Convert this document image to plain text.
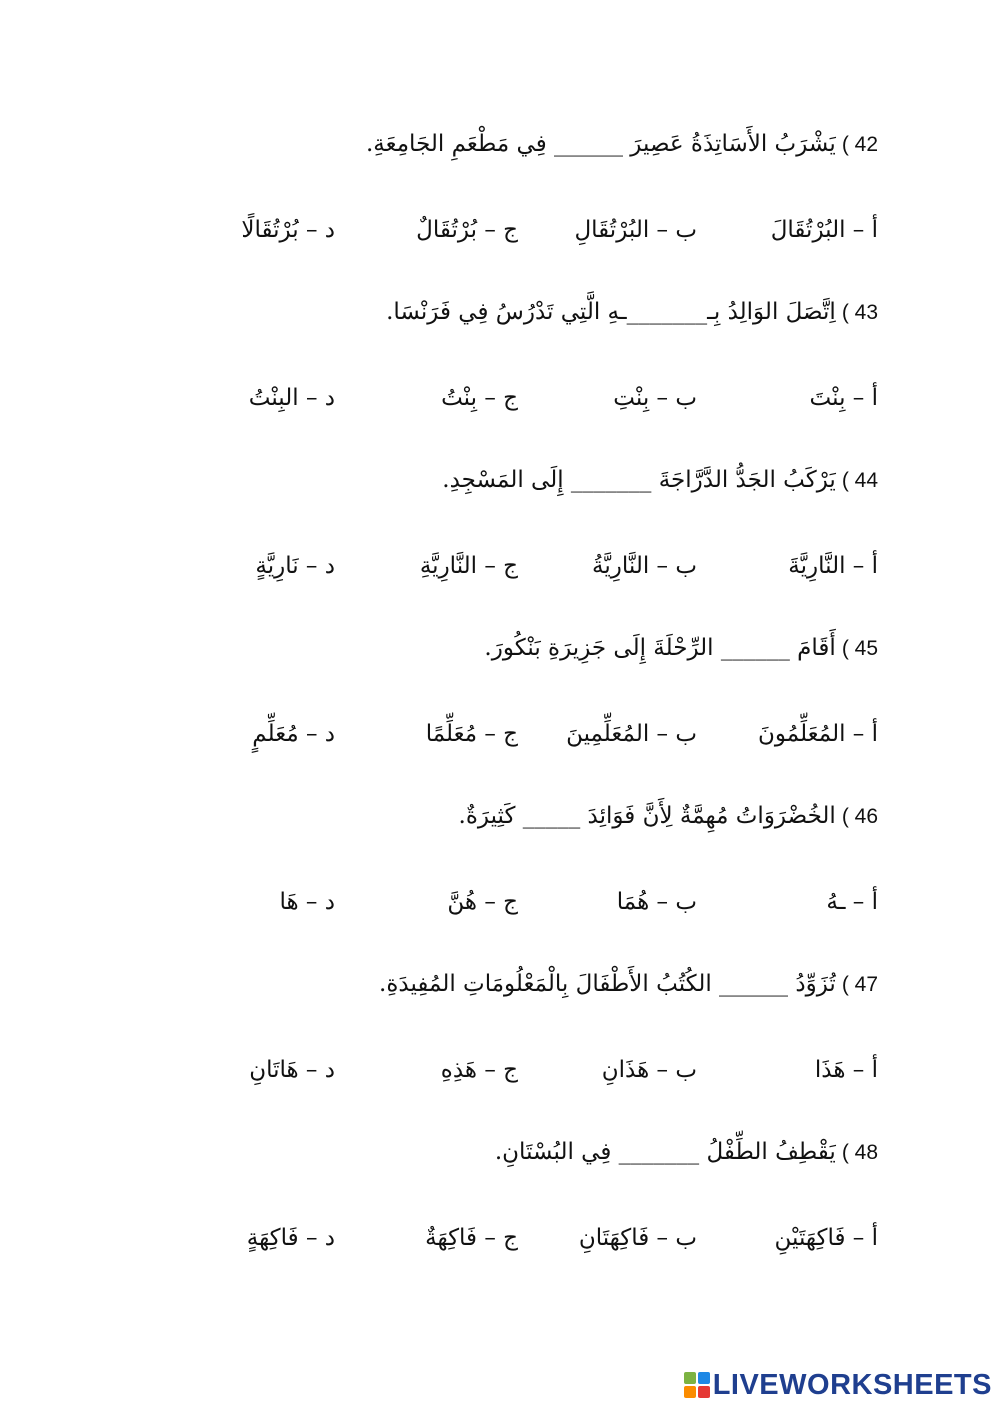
42 )يَشْرَبُ الأَسَاتِذَةُ عَصِيرَ ______ فِي مَطْعَمِ الجَامِعَةِ.
أ – البُرْتُقَالَ
ب – البُرْتُقَالِ
ج – بُرْتُقَالٌ
د – بُرْتُقَالًا
43 )اِتَّصَلَ الوَالِدُ بِـ_______ـهِ الَّتِي تَدْرُسُ فِي فَرَنْسَا.
أ – بِنْتَ
ب – بِنْتِ
ج – بِنْتُ
د – البِنْتُ
44 )يَرْكَبُ الجَدُّ الدَّرَّاجَةَ _______ إِلَى المَسْجِدِ.
أ – النَّارِيَّةَ
ب – النَّارِيَّةُ
ج – النَّارِيَّةِ
د – نَارِيَّةٍ
45 )أَقَامَ ______ الرِّحْلَةَ إِلَى جَزِيرَةِ بَنْكُورَ.
أ – المُعَلِّمُونَ
ب – المُعَلِّمِينَ
ج – مُعَلِّمًا
د – مُعَلِّمٍ
46 )الخُضْرَوَاتُ مُهِمَّةٌ لِأَنَّ فَوَائِدَ _____ كَثِيرَةٌ.
أ – ـهُ
ب – هُمَا
ج – هُنَّ
د – هَا
47 )تُزَوِّدُ ______ الكُتُبُ الأَطْفَالَ بِالْمَعْلُومَاتِ المُفِيدَةِ.
أ – هَذَا
ب – هَذَانِ
ج – هَذِهِ
د – هَاتَانِ
48 )يَقْطِفُ الطِّفْلُ _______ فِي البُسْتَانِ.
أ – فَاكِهَتَيْنِ
ب – فَاكِهَتَانِ
ج – فَاكِهَةٌ
د – فَاكِهَةٍ
LIVEWORKSHEETS
